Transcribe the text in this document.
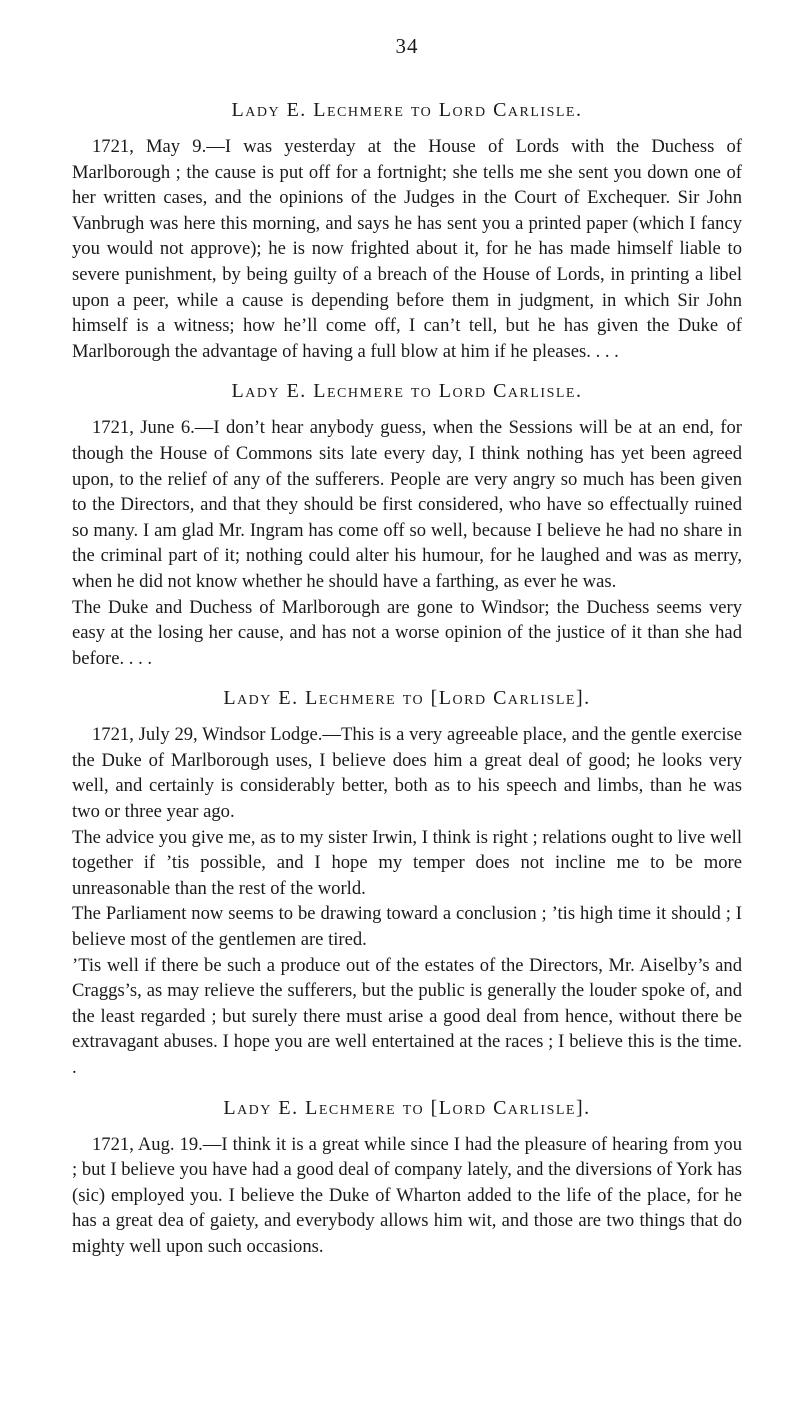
34
Lady E. Lechmere to Lord Carlisle.

1721, May 9.—I was yesterday at the House of Lords with the Duchess of Marlborough ; the cause is put off for a fortnight; she tells me she sent you down one of her written cases, and the opinions of the Judges in the Court of Exchequer. Sir John Vanbrugh was here this morning, and says he has sent you a printed paper (which I fancy you would not approve); he is now frighted about it, for he has made himself liable to severe punishment, by being guilty of a breach of the House of Lords, in printing a libel upon a peer, while a cause is depending before them in judgment, in which Sir John himself is a witness; how he’ll come off, I can’t tell, but he has given the Duke of Marlborough the advantage of having a full blow at him if he pleases. . . .

Lady E. Lechmere to Lord Carlisle.

1721, June 6.—I don’t hear anybody guess, when the Sessions will be at an end, for though the House of Commons sits late every day, I think nothing has yet been agreed upon, to the relief of any of the sufferers. People are very angry so much has been given to the Directors, and that they should be first considered, who have so effectually ruined so many. I am glad Mr. Ingram has come off so well, because I believe he had no share in the criminal part of it; nothing could alter his humour, for he laughed and was as merry, when he did not know whether he should have a farthing, as ever he was.

The Duke and Duchess of Marlborough are gone to Windsor; the Duchess seems very easy at the losing her cause, and has not a worse opinion of the justice of it than she had before. . . .

Lady E. Lechmere to [Lord Carlisle].

1721, July 29, Windsor Lodge.—This is a very agreeable place, and the gentle exercise the Duke of Marlborough uses, I believe does him a great deal of good; he looks very well, and certainly is considerably better, both as to his speech and limbs, than he was two or three year ago.

The advice you give me, as to my sister Irwin, I think is right ; relations ought to live well together if ’tis possible, and I hope my temper does not incline me to be more unreasonable than the rest of the world.

The Parliament now seems to be drawing toward a conclusion ; ’tis high time it should ; I believe most of the gentlemen are tired.

’Tis well if there be such a produce out of the estates of the Directors, Mr. Aiselby’s and Craggs’s, as may relieve the sufferers, but the public is generally the louder spoke of, and the least regarded ; but surely there must arise a good deal from hence, without there be extravagant abuses. I hope you are well entertained at the races ; I believe this is the time. .

Lady E. Lechmere to [Lord Carlisle].

1721, Aug. 19.—I think it is a great while since I had the pleasure of hearing from you ; but I believe you have had a good deal of company lately, and the diversions of York has (sic) employed you. I believe the Duke of Wharton added to the life of the place, for he has a great dea of gaiety, and everybody allows him wit, and those are two things that do mighty well upon such occasions.
